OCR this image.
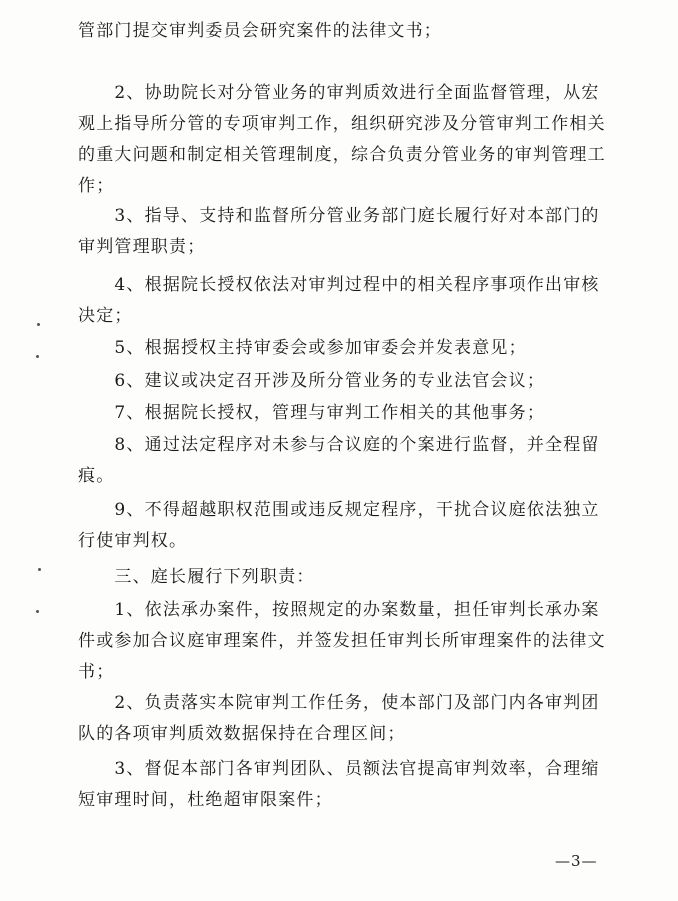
管部门提交审判委员会研究案件的法律文书；
　　2、协助院长对分管业务的审判质效进行全面监督管理，从宏
观上指导所分管的专项审判工作，组织研究涉及分管审判工作相关
的重大问题和制定相关管理制度，综合负责分管业务的审判管理工
作；
　　3、指导、支持和监督所分管业务部门庭长履行好对本部门的
审判管理职责；
　　4、根据院长授权依法对审判过程中的相关程序事项作出审核
决定；
　　5、根据授权主持审委会或参加审委会并发表意见；
　　6、建议或决定召开涉及所分管业务的专业法官会议；
　　7、根据院长授权，管理与审判工作相关的其他事务；
　　8、通过法定程序对未参与合议庭的个案进行监督，并全程留
痕。
　　9、不得超越职权范围或违反规定程序，干扰合议庭依法独立
行使审判权。
　　三、庭长履行下列职责：
　　1、依法承办案件，按照规定的办案数量，担任审判长承办案
件或参加合议庭审理案件，并签发担任审判长所审理案件的法律文
书；
　　2、负责落实本院审判工作任务，使本部门及部门内各审判团
队的各项审判质效数据保持在合理区间；
　　3、督促本部门各审判团队、员额法官提高审判效率，合理缩
短审理时间，杜绝超审限案件；
—3—
